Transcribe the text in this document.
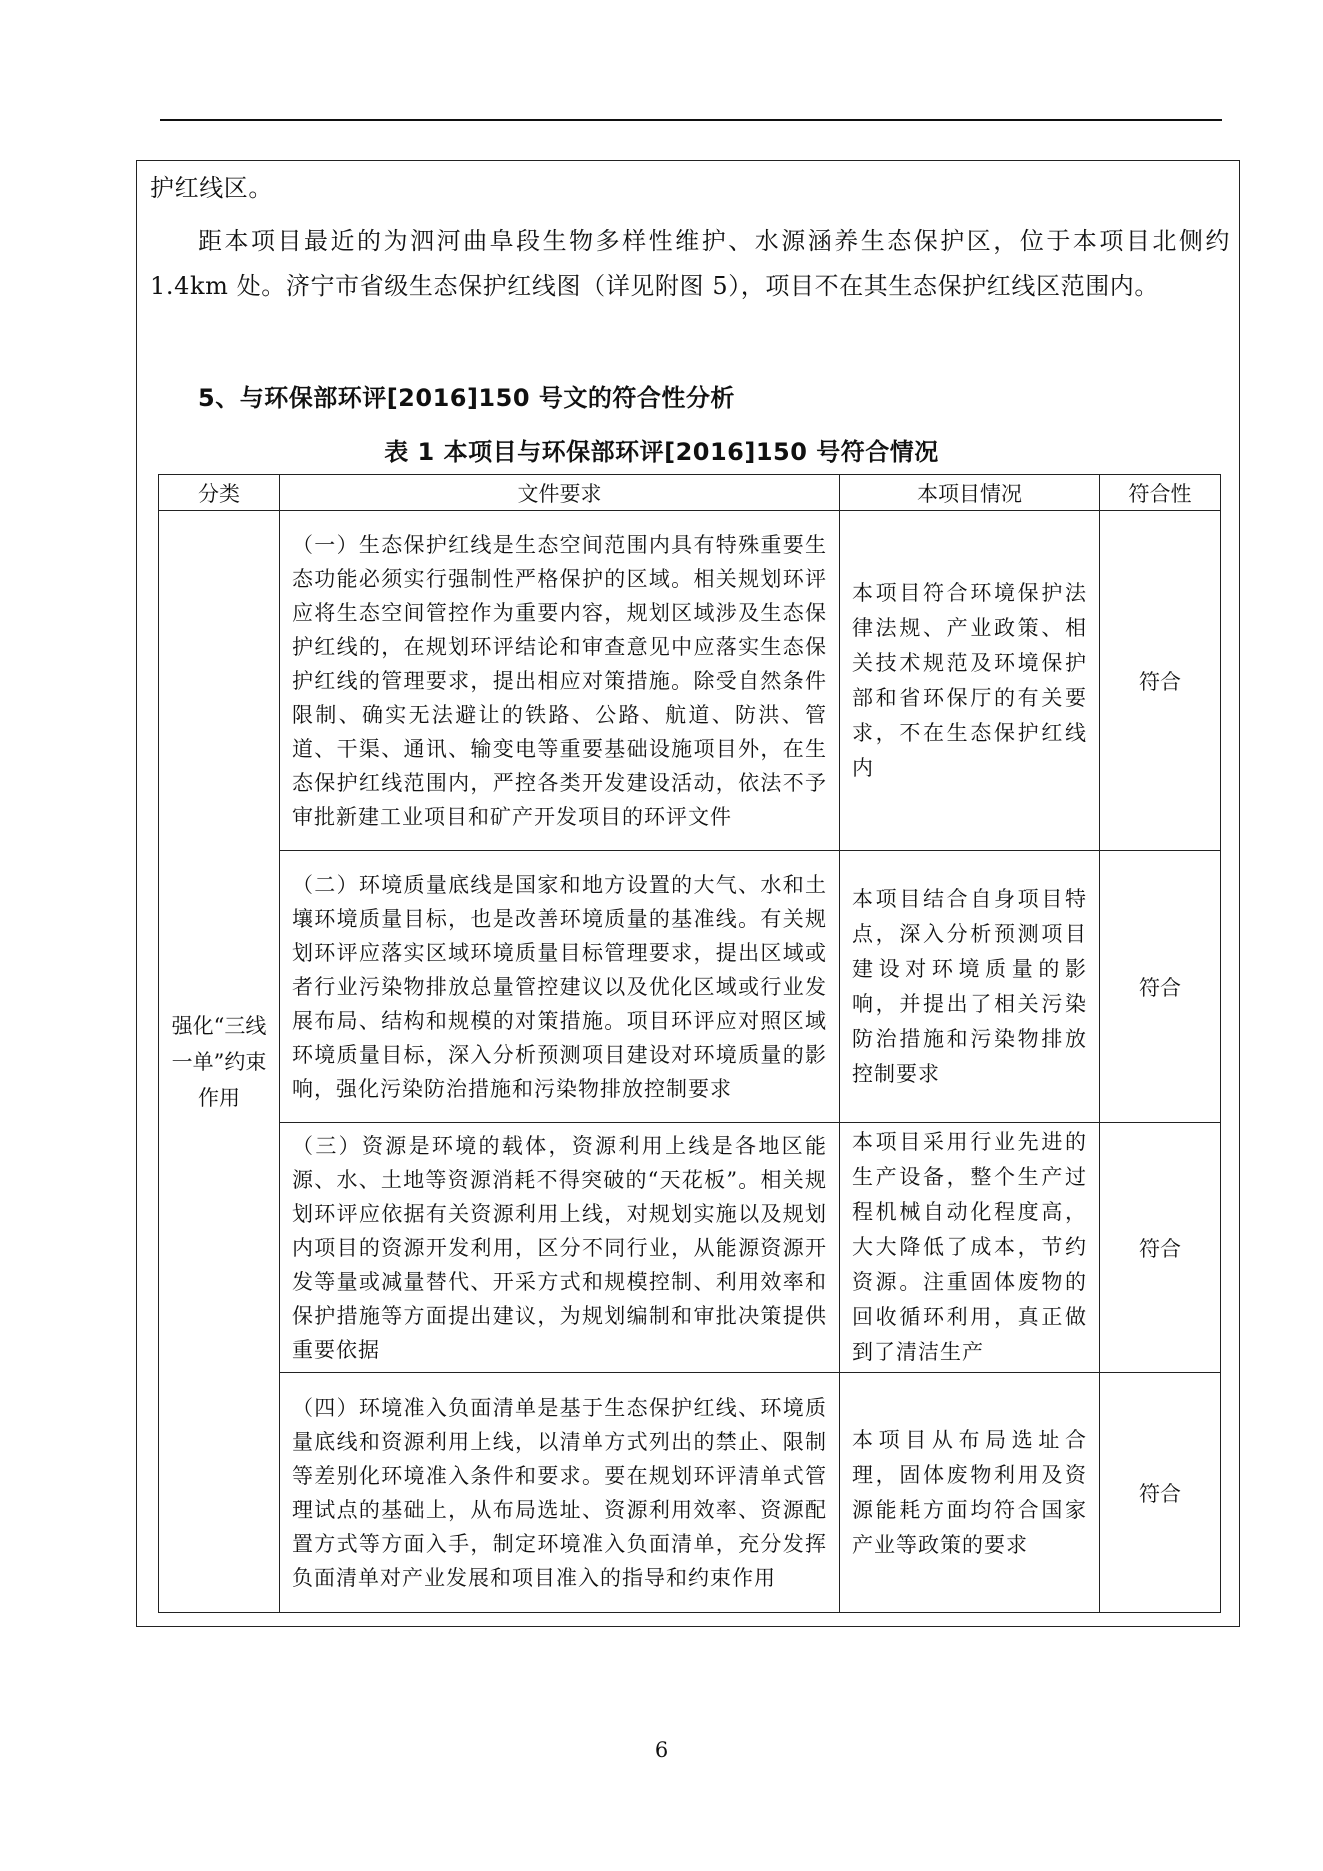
护红线区。
距本项目最近的为泗河曲阜段生物多样性维护、水源涵养生态保护区，位于本项目北侧约 1.4km 处。济宁市省级生态保护红线图（详见附图 5），项目不在其生态保护红线区范围内。
5、与环保部环评[2016]150 号文的符合性分析
表 1 本项目与环保部环评[2016]150 号符合情况
分类	文件要求	本项目情况	符合性
强化“三线一单”约束作用	（一）生态保护红线是生态空间范围内具有特殊重要生态功能必须实行强制性严格保护的区域。相关规划环评应将生态空间管控作为重要内容，规划区域涉及生态保护红线的，在规划环评结论和审查意见中应落实生态保护红线的管理要求，提出相应对策措施。除受自然条件限制、确实无法避让的铁路、公路、航道、防洪、管道、干渠、通讯、输变电等重要基础设施项目外，在生态保护红线范围内，严控各类开发建设活动，依法不予审批新建工业项目和矿产开发项目的环评文件	本项目符合环境保护法律法规、产业政策、相关技术规范及环境保护部和省环保厅的有关要求，不在生态保护红线内	符合
	（二）环境质量底线是国家和地方设置的大气、水和土壤环境质量目标，也是改善环境质量的基准线。有关规划环评应落实区域环境质量目标管理要求，提出区域或者行业污染物排放总量管控建议以及优化区域或行业发展布局、结构和规模的对策措施。项目环评应对照区域环境质量目标，深入分析预测项目建设对环境质量的影响，强化污染防治措施和污染物排放控制要求	本项目结合自身项目特点，深入分析预测项目建设对环境质量的影响，并提出了相关污染防治措施和污染物排放控制要求	符合
	（三）资源是环境的载体，资源利用上线是各地区能源、水、土地等资源消耗不得突破的“天花板”。相关规划环评应依据有关资源利用上线，对规划实施以及规划内项目的资源开发利用，区分不同行业，从能源资源开发等量或减量替代、开采方式和规模控制、利用效率和保护措施等方面提出建议，为规划编制和审批决策提供重要依据	本项目采用行业先进的生产设备，整个生产过程机械自动化程度高，大大降低了成本，节约资源。注重固体废物的回收循环利用，真正做到了清洁生产	符合
	（四）环境准入负面清单是基于生态保护红线、环境质量底线和资源利用上线，以清单方式列出的禁止、限制等差别化环境准入条件和要求。要在规划环评清单式管理试点的基础上，从布局选址、资源利用效率、资源配置方式等方面入手，制定环境准入负面清单，充分发挥负面清单对产业发展和项目准入的指导和约束作用	本项目从布局选址合理，固体废物利用及资源能耗方面均符合国家产业等政策的要求	符合
6
